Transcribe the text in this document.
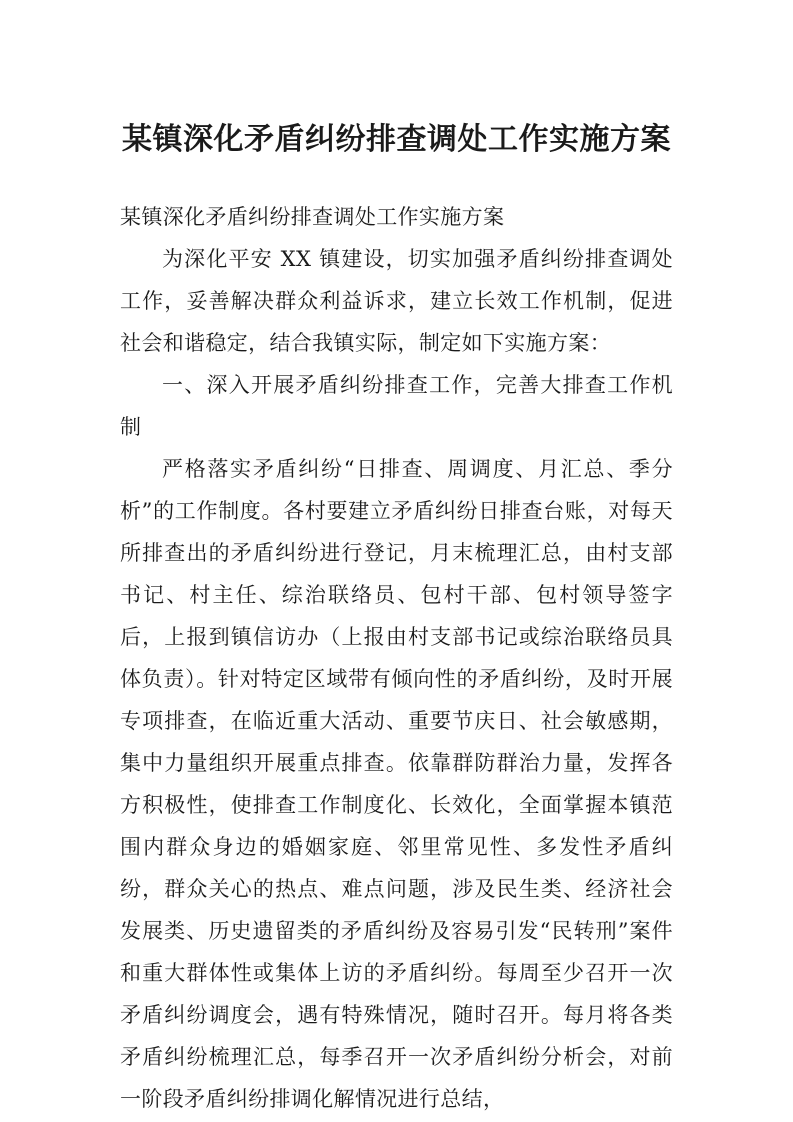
某镇深化矛盾纠纷排查调处工作实施方案

某镇深化矛盾纠纷排查调处工作实施方案

为深化平安 XX 镇建设，切实加强矛盾纠纷排查调处工作，妥善解决群众利益诉求，建立长效工作机制，促进社会和谐稳定，结合我镇实际，制定如下实施方案：

一、深入开展矛盾纠纷排查工作，完善大排查工作机制

严格落实矛盾纠纷“日排查、周调度、月汇总、季分析”的工作制度。各村要建立矛盾纠纷日排查台账，对每天所排查出的矛盾纠纷进行登记，月末梳理汇总，由村支部书记、村主任、综治联络员、包村干部、包村领导签字后，上报到镇信访办（上报由村支部书记或综治联络员具体负责）。针对特定区域带有倾向性的矛盾纠纷，及时开展专项排查，在临近重大活动、重要节庆日、社会敏感期，集中力量组织开展重点排查。依靠群防群治力量，发挥各方积极性，使排查工作制度化、长效化，全面掌握本镇范围内群众身边的婚姻家庭、邻里常见性、多发性矛盾纠纷，群众关心的热点、难点问题，涉及民生类、经济社会发展类、历史遗留类的矛盾纠纷及容易引发“民转刑”案件和重大群体性或集体上访的矛盾纠纷。每周至少召开一次矛盾纠纷调度会，遇有特殊情况，随时召开。每月将各类矛盾纠纷梳理汇总，每季召开一次矛盾纠纷分析会，对前一阶段矛盾纠纷排调化解情况进行总结，
